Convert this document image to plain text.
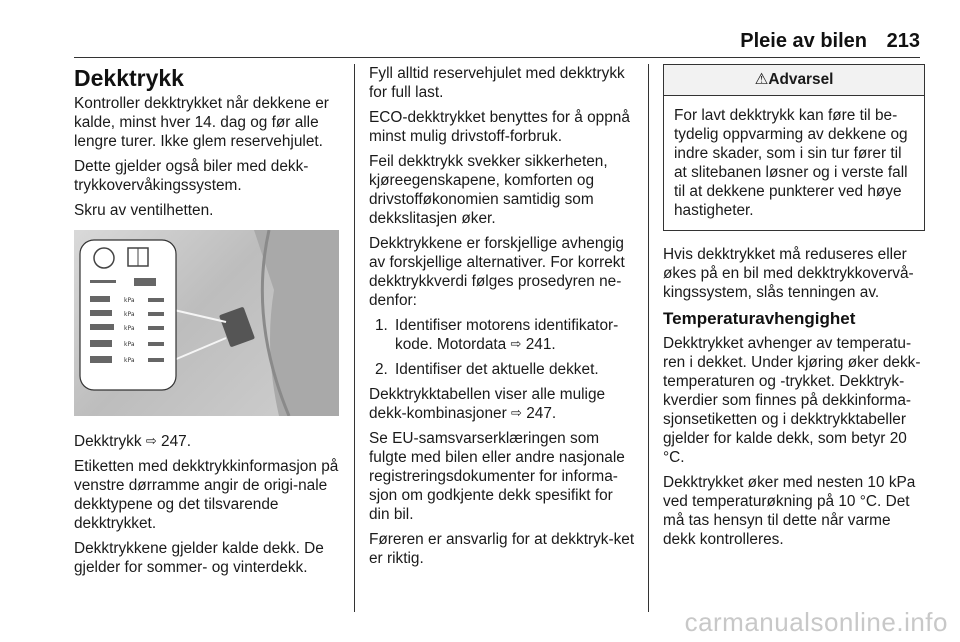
Pleie av bilen 213
Dekktrykk

Kontroller dekktrykket når dekkene er kalde, minst hver 14. dag og før alle lengre turer. Ikke glem reservehjulet.

Dette gjelder også biler med dekk-trykkovervåkingssystem.

Skru av ventilhetten.

kPa
kPa
kPa
kPa
kPa

Dekktrykk ⇨ 247.

Etiketten med dekktrykkinformasjon på venstre dørramme angir de origi-nale dekktypene og det tilsvarende dekktrykket.

Dekktrykkene gjelder kalde dekk. De gjelder for sommer- og vinterdekk.

Fyll alltid reservehjulet med dekktrykk for full last.

ECO-dekktrykket benyttes for å oppnå minst mulig drivstoff-forbruk.

Feil dekktrykk svekker sikkerheten, kjøreegenskapene, komforten og drivstofføkonomien samtidig som dekkslitasjen øker.

Dekktrykkene er forskjellige avhengig av forskjellige alternativer. For korrekt dekktrykkverdi følges prosedyren ne-denfor:

1. Identifiser motorens identifikator-kode. Motordata ⇨ 241.
2. Identifiser det aktuelle dekket.

Dekktrykktabellen viser alle mulige dekk-kombinasjoner ⇨ 247.

Se EU-samsvarserklæringen som fulgte med bilen eller andre nasjonale registreringsdokumenter for informa-sjon om godkjente dekk spesifikt for din bil.

Føreren er ansvarlig for at dekktryk-ket er riktig.

⚠Advarsel
For lavt dekktrykk kan føre til be-tydelig oppvarming av dekkene og indre skader, som i sin tur fører til at slitebanen løsner og i verste fall til at dekkene punkterer ved høye hastigheter.

Hvis dekktrykket må reduseres eller økes på en bil med dekktrykkovervå-kingssystem, slås tenningen av.

Temperaturavhengighet

Dekktrykket avhenger av temperatu-ren i dekket. Under kjøring øker dekk-temperaturen og -trykket. Dekktryk-kverdier som finnes på dekkinforma-sjonsetiketten og i dekktrykktabeller gjelder for kalde dekk, som betyr 20 °C.

Dekktrykket øker med nesten 10 kPa ved temperaturøkning på 10 °C. Det må tas hensyn til dette når varme dekk kontrolleres.

carmanualsonline.info
